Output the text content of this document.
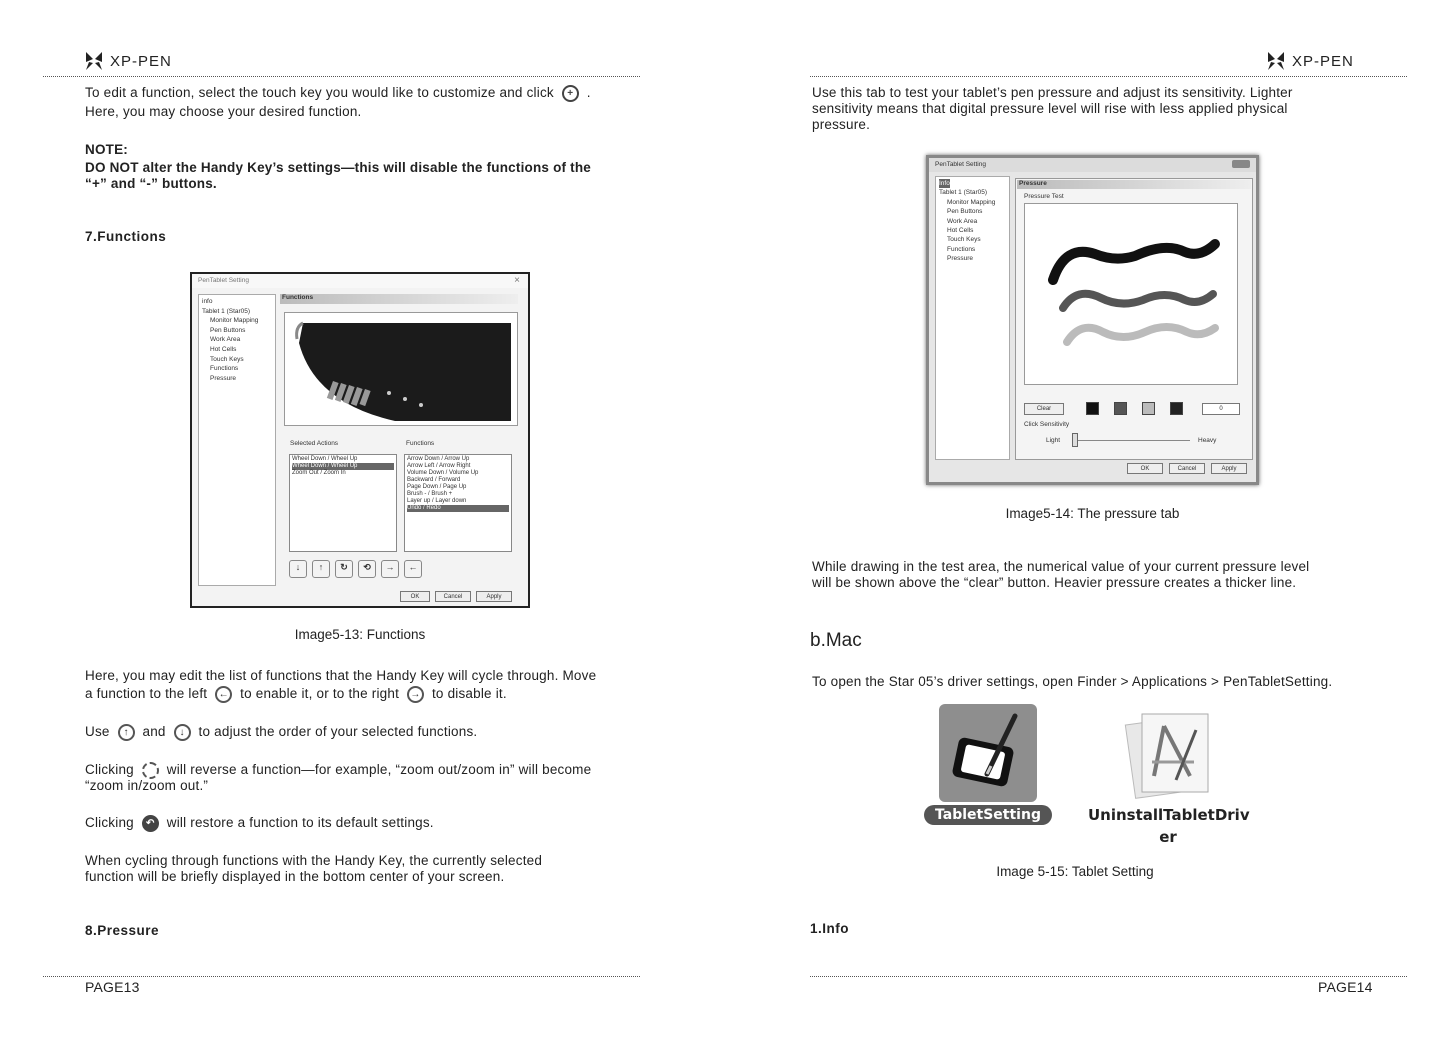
XP-PEN
To edit a function, select the touch key you would like to customize and click + .
Here, you may choose your desired function.
NOTE:
DO NOT alter the Handy Key’s settings—this will disable the functions of the
“+” and “-” buttons.
7.Functions
PenTablet Setting	×
info
Tablet 1 (Star05)
Monitor Mapping
Pen Buttons
Work Area
Hot Cells
Touch Keys
Functions
Pressure
Functions
Selected Actions	Functions
Wheel Down / Wheel Up
Wheel Down / Wheel Up
Zoom Out / Zoom In
Arrow Down / Arrow Up
Arrow Left / Arrow Right
Volume Down / Volume Up
Backward / Forward
Page Down / Page Up
Brush - / Brush +
Layer up / Layer down
Undo / Redo
↓	↑	↻	⟲	→	←
OK	Cancel	Apply
Image5-13: Functions
Here, you may edit the list of functions that the Handy Key will cycle through. Move
a function to the left ← to enable it, or to the right → to disable it.
Use ↑ and ↓ to adjust the order of your selected functions.
Clicking will reverse a function—for example, “zoom out/zoom in” will become
“zoom in/zoom out.”
Clicking ↶ will restore a function to its default settings.
When cycling through functions with the Handy Key, the currently selected
function will be briefly displayed in the bottom center of your screen.
8.Pressure
PAGE13
XP-PEN
Use this tab to test your tablet’s pen pressure and adjust its sensitivity. Lighter
sensitivity means that digital pressure level will rise with less applied physical
pressure.
PenTablet Setting
Info
Tablet 1 (Star05)
Monitor Mapping
Pen Buttons
Work Area
Hot Cells
Touch Keys
Functions
Pressure
Pressure
Pressure Test
Clear	0
Click Sensitivity
Light	Heavy
OK	Cancel	Apply
Image5-14: The pressure tab
While drawing in the test area, the numerical value of your current pressure level
will be shown above the “clear” button. Heavier pressure creates a thicker line.
b.Mac
To open the Star 05’s driver settings, open Finder > Applications > PenTabletSetting.
TabletSetting	UninstallTabletDriv
er
Image 5-15: Tablet Setting
1.Info
PAGE14
